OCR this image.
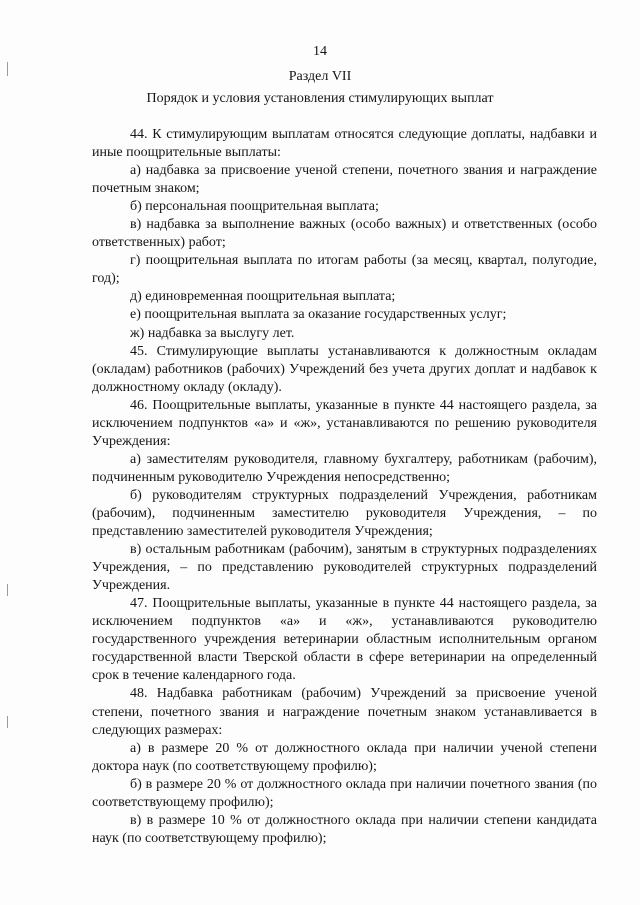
14
Раздел VII
Порядок и условия установления стимулирующих выплат

44. К стимулирующим выплатам относятся следующие доплаты, надбавки и иные поощрительные выплаты:

а) надбавка за присвоение ученой степени, почетного звания и награждение почетным знаком;

б) персональная поощрительная выплата;

в) надбавка за выполнение важных (особо важных) и ответственных (особо ответственных) работ;

г) поощрительная выплата по итогам работы (за месяц, квартал, полугодие, год);

д) единовременная поощрительная выплата;

е) поощрительная выплата за оказание государственных услуг;

ж) надбавка за выслугу лет.

45. Стимулирующие выплаты устанавливаются к должностным окладам (окладам) работников (рабочих) Учреждений без учета других доплат и надбавок к должностному окладу (окладу).

46. Поощрительные выплаты, указанные в пункте 44 настоящего раздела, за исключением подпунктов «а» и «ж», устанавливаются по решению руководителя Учреждения:

а) заместителям руководителя, главному бухгалтеру, работникам (рабочим), подчиненным руководителю Учреждения непосредственно;

б) руководителям структурных подразделений Учреждения, работникам (рабочим), подчиненным заместителю руководителя Учреждения, – по представлению заместителей руководителя Учреждения;

в) остальным работникам (рабочим), занятым в структурных подразделениях Учреждения, – по представлению руководителей структурных подразделений Учреждения.

47. Поощрительные выплаты, указанные в пункте 44 настоящего раздела, за исключением подпунктов «а» и «ж», устанавливаются руководителю государственного учреждения ветеринарии областным исполнительным органом государственной власти Тверской области в сфере ветеринарии на определенный срок в течение календарного года.

48. Надбавка работникам (рабочим) Учреждений за присвоение ученой степени, почетного звания и награждение почетным знаком устанавливается в следующих размерах:

а) в размере 20 % от должностного оклада при наличии ученой степени доктора наук (по соответствующему профилю);

б) в размере 20 % от должностного оклада при наличии почетного звания (по соответствующему профилю);

в) в размере 10 % от должностного оклада при наличии степени кандидата наук (по соответствующему профилю);
